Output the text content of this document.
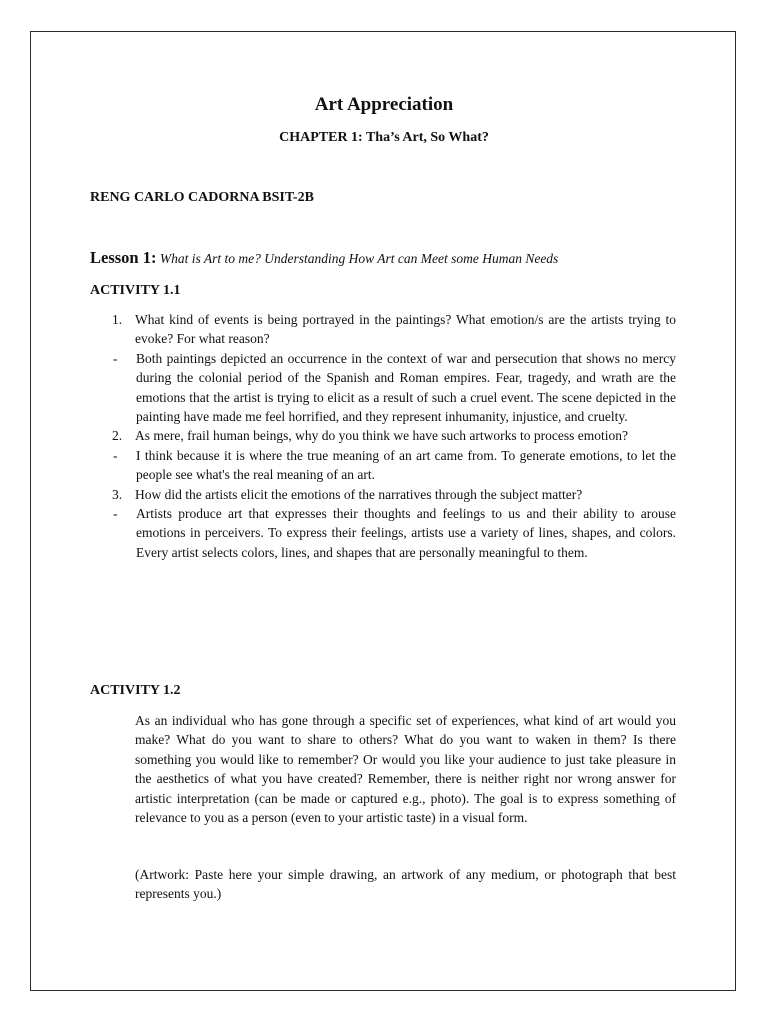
Art Appreciation
CHAPTER 1: Tha’s Art, So What?
RENG CARLO CADORNA BSIT-2B
Lesson 1: What is Art to me? Understanding How Art can Meet some Human Needs
ACTIVITY 1.1

1. What kind of events is being portrayed in the paintings? What emotion/s are the artists trying to evoke? For what reason?

- Both paintings depicted an occurrence in the context of war and persecution that shows no mercy during the colonial period of the Spanish and Roman empires. Fear, tragedy, and wrath are the emotions that the artist is trying to elicit as a result of such a cruel event. The scene depicted in the painting have made me feel horrified, and they represent inhumanity, injustice, and cruelty.

2. As mere, frail human beings, why do you think we have such artworks to process emotion?

- I think because it is where the true meaning of an art came from. To generate emotions, to let the people see what's the real meaning of an art.

3. How did the artists elicit the emotions of the narratives through the subject matter?

- Artists produce art that expresses their thoughts and feelings to us and their ability to arouse emotions in perceivers. To express their feelings, artists use a variety of lines, shapes, and colors. Every artist selects colors, lines, and shapes that are personally meaningful to them.

ACTIVITY 1.2

As an individual who has gone through a specific set of experiences, what kind of art would you make? What do you want to share to others? What do you want to waken in them? Is there something you would like to remember? Or would you like your audience to just take pleasure in the aesthetics of what you have created? Remember, there is neither right nor wrong answer for artistic interpretation (can be made or captured e.g., photo). The goal is to express something of relevance to you as a person (even to your artistic taste) in a visual form.

(Artwork: Paste here your simple drawing, an artwork of any medium, or photograph that best represents you.)
